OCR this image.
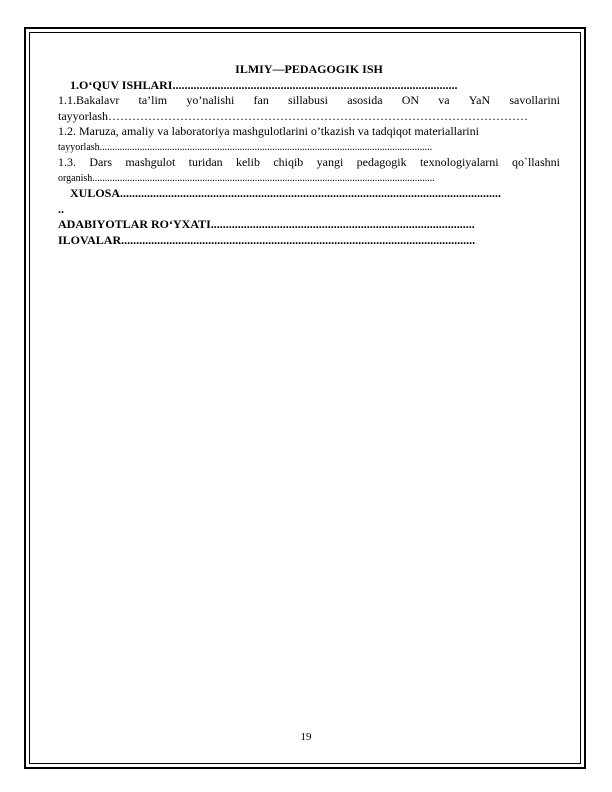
ILMIY—PEDAGOGIK ISH
1.O‘QUV ISHLARI...............................................................................................
1.1.Bakalavr ta’lim yo’nalishi fan sillabusi asosida ON va YaN savollarini
tayyorlash……………………………………………………………………………………………
1.2. Maruza, amaliy va laboratoriya mashgulotlarini o’tkazish va tadqiqot materiallarini
tayyorlash.....................................................................................................................................
1.3. Dars mashgulot turidan kelib chiqib yangi pedagogik texnologiyalarni qo`llashni
organish.........................................................................................................................................
XULOSA...............................................................................................................................
..
ADABIYOTLAR RO‘YXATI........................................................................................
ILOVALAR......................................................................................................................
19
